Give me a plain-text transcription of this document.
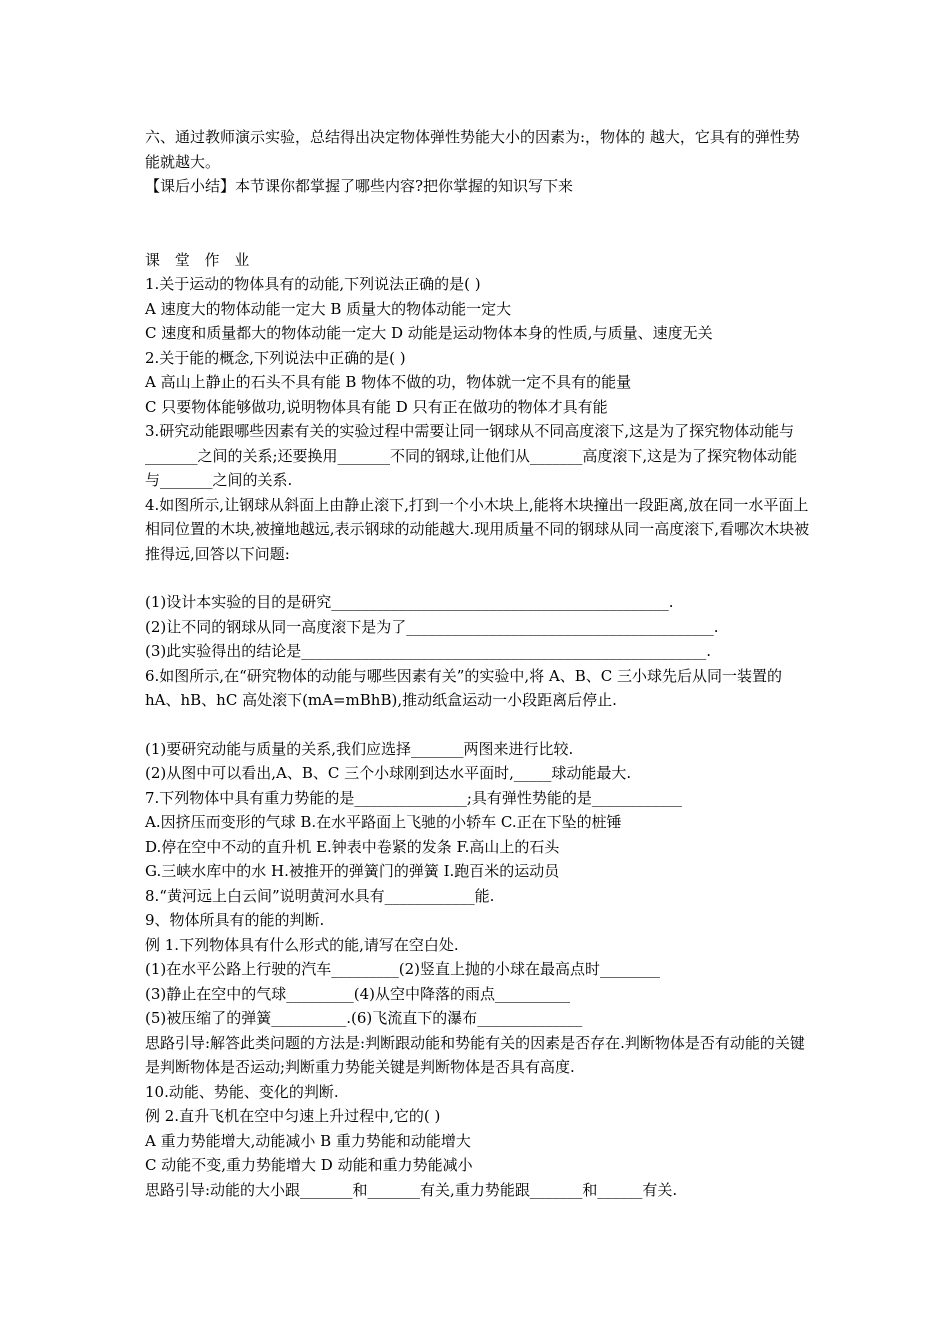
六、通过教师演示实验，总结得出决定物体弹性势能大小的因素为:，物体的 越大，它具有的弹性势能就越大。
【课后小结】本节课你都掌握了哪些内容?把你掌握的知识写下来
课 堂 作 业
1.关于运动的物体具有的动能,下列说法正确的是( )
A 速度大的物体动能一定大 B 质量大的物体动能一定大
C 速度和质量都大的物体动能一定大 D 动能是运动物体本身的性质,与质量、速度无关
2.关于能的概念,下列说法中正确的是( )
A 高山上静止的石头不具有能 B 物体不做的功，物体就一定不具有的能量
C 只要物体能够做功,说明物体具有能 D 只有正在做功的物体才具有能
3.研究动能跟哪些因素有关的实验过程中需要让同一钢球从不同高度滚下,这是为了探究物体动能与_______之间的关系;还要换用_______不同的钢球,让他们从_______高度滚下,这是为了探究物体动能与_______之间的关系.
4.如图所示,让钢球从斜面上由静止滚下,打到一个小木块上,能将木块撞出一段距离,放在同一水平面上相同位置的木块,被撞地越远,表示钢球的动能越大.现用质量不同的钢球从同一高度滚下,看哪次木块被推得远,回答以下问题:
(1)设计本实验的目的是研究_____________________________________________.
(2)让不同的钢球从同一高度滚下是为了_________________________________________.
(3)此实验得出的结论是______________________________________________________.
6.如图所示,在“研究物体的动能与哪些因素有关”的实验中,将 A、B、C 三小球先后从同一装置的 hA、hB、hC 高处滚下(mA=mBhB),推动纸盒运动一小段距离后停止.
(1)要研究动能与质量的关系,我们应选择_______两图来进行比较.
(2)从图中可以看出,A、B、C 三个小球刚到达水平面时,_____球动能最大.
7.下列物体中具有重力势能的是_______________;具有弹性势能的是____________
A.因挤压而变形的气球 B.在水平路面上飞驰的小轿车 C.正在下坠的桩锤
D.停在空中不动的直升机 E.钟表中卷紧的发条 F.高山上的石头
G.三峡水库中的水 H.被推开的弹簧门的弹簧 I.跑百米的运动员
8.“黄河远上白云间”说明黄河水具有____________能.
9、物体所具有的能的判断.
例 1.下列物体具有什么形式的能,请写在空白处.
(1)在水平公路上行驶的汽车_________(2)竖直上抛的小球在最高点时________
(3)静止在空中的气球_________(4)从空中降落的雨点__________
(5)被压缩了的弹簧__________.(6)飞流直下的瀑布______________
思路引导:解答此类问题的方法是:判断跟动能和势能有关的因素是否存在.判断物体是否有动能的关键是判断物体是否运动;判断重力势能关键是判断物体是否具有高度.
10.动能、势能、变化的判断.
例 2.直升飞机在空中匀速上升过程中,它的( )
A 重力势能增大,动能减小 B 重力势能和动能增大
C 动能不变,重力势能增大 D 动能和重力势能减小
思路引导:动能的大小跟_______和_______有关,重力势能跟_______和______有关.
